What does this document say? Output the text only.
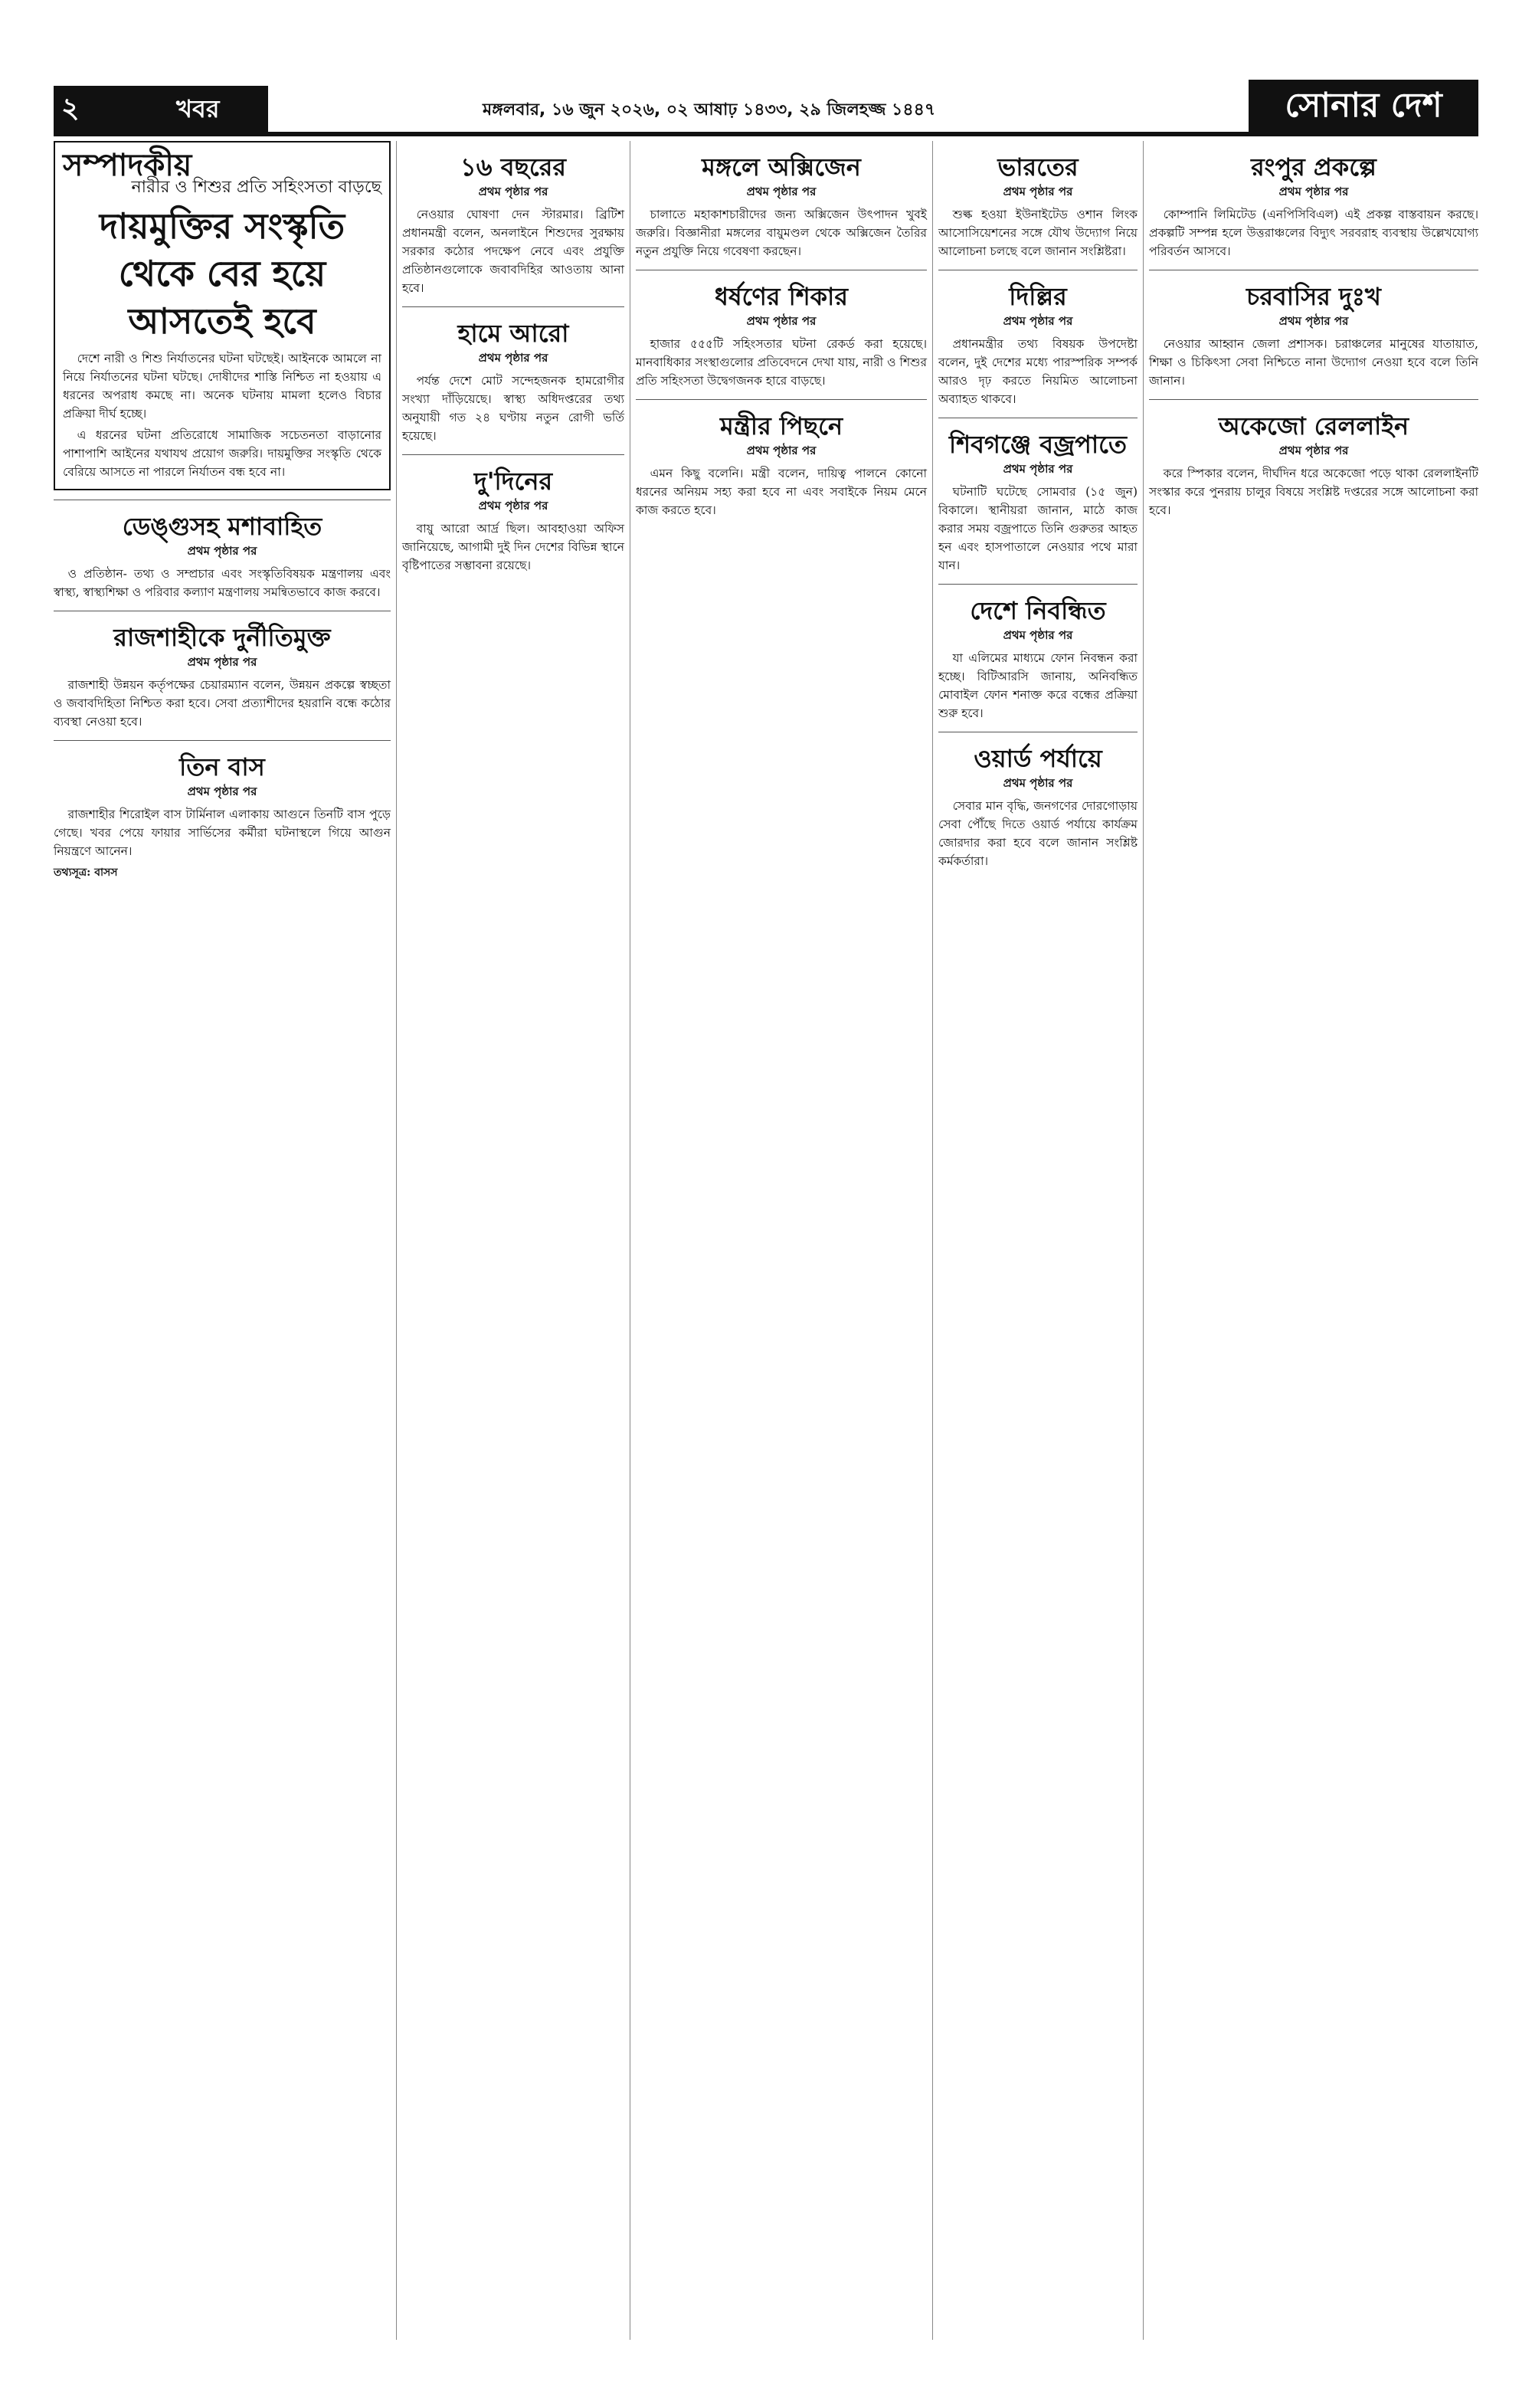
২	খবর	মঙ্গলবার, ১৬ জুন ২০২৬, ০২ আষাঢ় ১৪৩৩, ২৯ জিলহজ্জ ১৪৪৭	সোনার দেশ
সম্পাদকীয়
নারীর ও শিশুর প্রতি সহিংসতা বাড়ছে
দায়মুক্তির সংস্কৃতি থেকে বের হয়ে আসতেই হবে

দেশে নারী ও শিশু নির্যাতনের ঘটনা ঘটছেই। আইনকে আমলে না নিয়ে নির্যাতনের ঘটনা ঘটছে। দোষীদের শাস্তি নিশ্চিত না হওয়ায় এ ধরনের অপরাধ কমছে না। অনেক ঘটনায় মামলা হলেও বিচার প্রক্রিয়া দীর্ঘ হচ্ছে।

এ ধরনের ঘটনা প্রতিরোধে সামাজিক সচেতনতা বাড়ানোর পাশাপাশি আইনের যথাযথ প্রয়োগ জরুরি। দায়মুক্তির সংস্কৃতি থেকে বেরিয়ে আসতে না পারলে নির্যাতন বন্ধ হবে না।

ডেঙ্গুসহ মশাবাহিত
প্রথম পৃষ্ঠার পর

ও প্রতিষ্ঠান- তথ্য ও সম্প্রচার এবং সংস্কৃতিবিষয়ক মন্ত্রণালয় এবং স্বাস্থ্য, স্বাস্থ্যশিক্ষা ও পরিবার কল্যাণ মন্ত্রণালয় সমন্বিতভাবে কাজ করবে।

রাজশাহীকে দুর্নীতিমুক্ত
প্রথম পৃষ্ঠার পর

রাজশাহী উন্নয়ন কর্তৃপক্ষের চেয়ারম্যান বলেন, উন্নয়ন প্রকল্পে স্বচ্ছতা ও জবাবদিহিতা নিশ্চিত করা হবে। সেবা প্রত্যাশীদের হয়রানি বন্ধে কঠোর ব্যবস্থা নেওয়া হবে।

তিন বাস
প্রথম পৃষ্ঠার পর

রাজশাহীর শিরোইল বাস টার্মিনাল এলাকায় আগুনে তিনটি বাস পুড়ে গেছে। খবর পেয়ে ফায়ার সার্ভিসের কর্মীরা ঘটনাস্থলে গিয়ে আগুন নিয়ন্ত্রণে আনেন।

তথ্যসূত্র: বাসস

১৬ বছরের
প্রথম পৃষ্ঠার পর

নেওয়ার ঘোষণা দেন স্টারমার। ব্রিটিশ প্রধানমন্ত্রী বলেন, অনলাইনে শিশুদের সুরক্ষায় সরকার কঠোর পদক্ষেপ নেবে এবং প্রযুক্তি প্রতিষ্ঠানগুলোকে জবাবদিহির আওতায় আনা হবে।

হামে আরো
প্রথম পৃষ্ঠার পর

পর্যন্ত দেশে মোট সন্দেহজনক হামরোগীর সংখ্যা দাঁড়িয়েছে। স্বাস্থ্য অধিদপ্তরের তথ্য অনুযায়ী গত ২৪ ঘণ্টায় নতুন রোগী ভর্তি হয়েছে।

দু'দিনের
প্রথম পৃষ্ঠার পর

বায়ু আরো আর্দ্র ছিল। আবহাওয়া অফিস জানিয়েছে, আগামী দুই দিন দেশের বিভিন্ন স্থানে বৃষ্টিপাতের সম্ভাবনা রয়েছে।

মঙ্গলে অক্সিজেন
প্রথম পৃষ্ঠার পর

চালাতে মহাকাশচারীদের জন্য অক্সিজেন উৎপাদন খুবই জরুরি। বিজ্ঞানীরা মঙ্গলের বায়ুমণ্ডল থেকে অক্সিজেন তৈরির নতুন প্রযুক্তি নিয়ে গবেষণা করছেন।

ধর্ষণের শিকার
প্রথম পৃষ্ঠার পর

হাজার ৫৫৫টি সহিংসতার ঘটনা রেকর্ড করা হয়েছে। মানবাধিকার সংস্থাগুলোর প্রতিবেদনে দেখা যায়, নারী ও শিশুর প্রতি সহিংসতা উদ্বেগজনক হারে বাড়ছে।

মন্ত্রীর পিছনে
প্রথম পৃষ্ঠার পর

এমন কিছু বলেনি। মন্ত্রী বলেন, দায়িত্ব পালনে কোনো ধরনের অনিয়ম সহ্য করা হবে না এবং সবাইকে নিয়ম মেনে কাজ করতে হবে।

ভারতের
প্রথম পৃষ্ঠার পর

শুল্ক হওয়া ইউনাইটেড ওশান লিংক আসোসিয়েশনের সঙ্গে যৌথ উদ্যোগ নিয়ে আলোচনা চলছে বলে জানান সংশ্লিষ্টরা।

দিল্লির
প্রথম পৃষ্ঠার পর

প্রধানমন্ত্রীর তথ্য বিষয়ক উপদেষ্টা বলেন, দুই দেশের মধ্যে পারস্পরিক সম্পর্ক আরও দৃঢ় করতে নিয়মিত আলোচনা অব্যাহত থাকবে।

শিবগঞ্জে বজ্রপাতে
প্রথম পৃষ্ঠার পর

ঘটনাটি ঘটেছে সোমবার (১৫ জুন) বিকালে। স্থানীয়রা জানান, মাঠে কাজ করার সময় বজ্রপাতে তিনি গুরুতর আহত হন এবং হাসপাতালে নেওয়ার পথে মারা যান।

দেশে নিবন্ধিত
প্রথম পৃষ্ঠার পর

যা এলিমের মাধ্যমে ফোন নিবন্ধন করা হচ্ছে। বিটিআরসি জানায়, অনিবন্ধিত মোবাইল ফোন শনাক্ত করে বন্ধের প্রক্রিয়া শুরু হবে।

ওয়ার্ড পর্যায়ে
প্রথম পৃষ্ঠার পর

সেবার মান বৃদ্ধি, জনগণের দোরগোড়ায় সেবা পৌঁছে দিতে ওয়ার্ড পর্যায়ে কার্যক্রম জোরদার করা হবে বলে জানান সংশ্লিষ্ট কর্মকর্তারা।

রংপুর প্রকল্পে
প্রথম পৃষ্ঠার পর

কোম্পানি লিমিটেড (এনপিসিবিএল) এই প্রকল্প বাস্তবায়ন করছে। প্রকল্পটি সম্পন্ন হলে উত্তরাঞ্চলের বিদ্যুৎ সরবরাহ ব্যবস্থায় উল্লেখযোগ্য পরিবর্তন আসবে।

চরবাসির দুঃখ
প্রথম পৃষ্ঠার পর

নেওয়ার আহ্বান জেলা প্রশাসক। চরাঞ্চলের মানুষের যাতায়াত, শিক্ষা ও চিকিৎসা সেবা নিশ্চিতে নানা উদ্যোগ নেওয়া হবে বলে তিনি জানান।

অকেজো রেললাইন
প্রথম পৃষ্ঠার পর

করে স্পিকার বলেন, দীর্ঘদিন ধরে অকেজো পড়ে থাকা রেললাইনটি সংস্কার করে পুনরায় চালুর বিষয়ে সংশ্লিষ্ট দপ্তরের সঙ্গে আলোচনা করা হবে।
